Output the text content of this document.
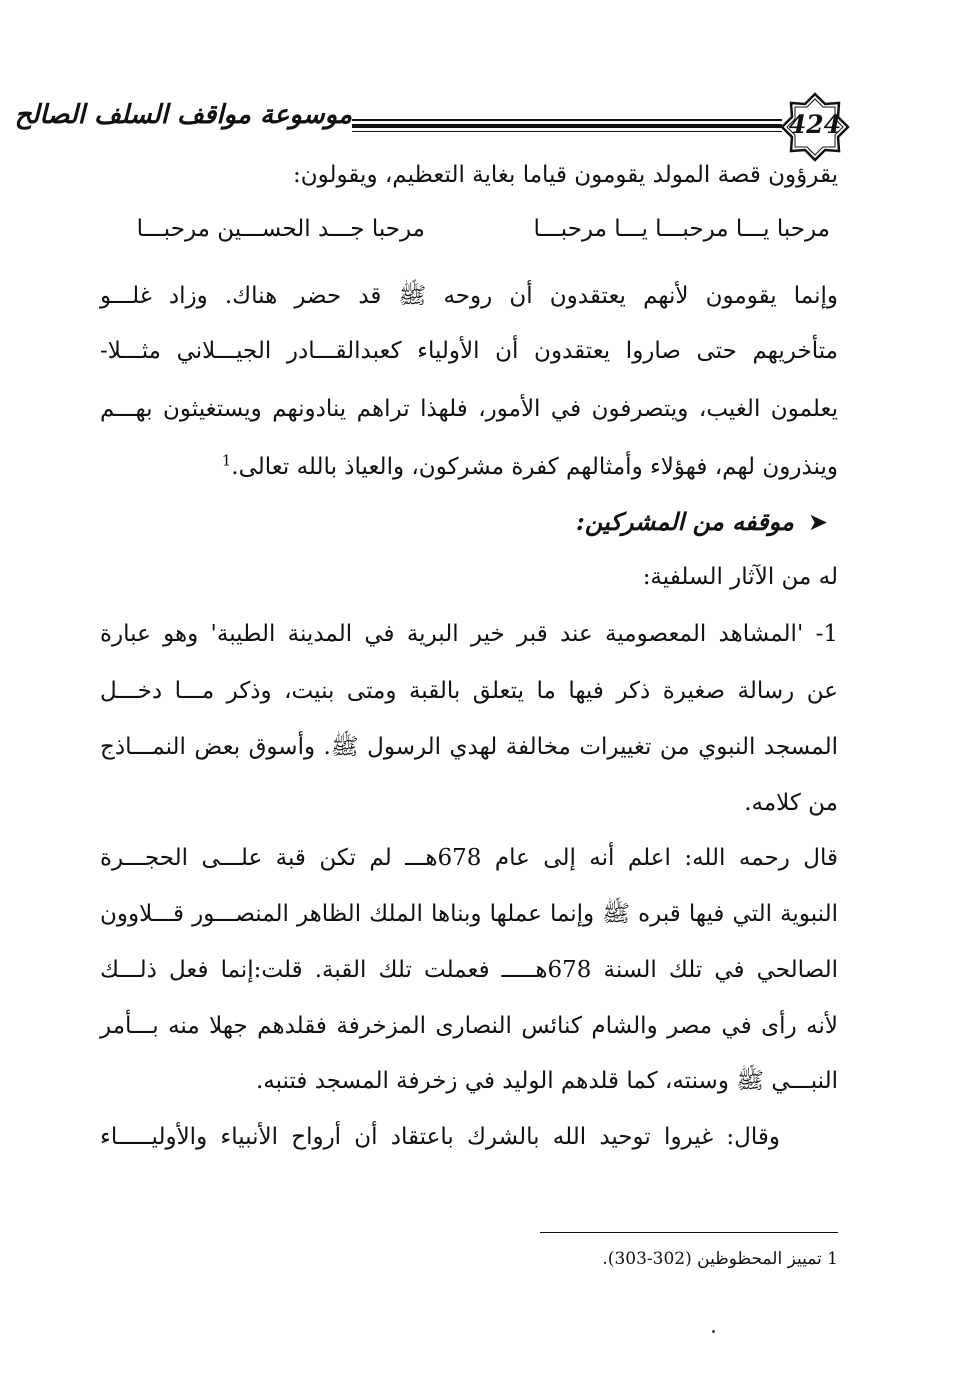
موسوعة مواقف السلف الصالح	424
يقرؤون قصة المولد يقومون قياما بغاية التعظيم، ويقولون:
مرحبا يـــا مرحبـــا يـــا مرحبـــا
مرحبا جـــد الحســـين مرحبـــا
وإنما يقومون لأنهم يعتقدون أن روحه ﷺ قد حضر هناك. وزاد غلـــو
متأخريهم حتى صاروا يعتقدون أن الأولياء كعبدالقـــادر الجيـــلاني مثـــلا-
يعلمون الغيب، ويتصرفون في الأمور، فلهذا تراهم ينادونهم ويستغيثون بهـــم
وينذرون لهم، فهؤلاء وأمثالهم كفرة مشركون، والعياذ بالله تعالى.$^1$
➤موقفه من المشركين:
له من الآثار السلفية:
1- 'المشاهد المعصومية عند قبر خير البرية في المدينة الطيبة' وهو عبارة
عن رسالة صغيرة ذكر فيها ما يتعلق بالقبة ومتى بنيت، وذكر مـــا دخـــل
المسجد النبوي من تغييرات مخالفة لهدي الرسول ﷺ. وأسوق بعض النمـــاذج
من كلامه.
قال رحمه الله: اعلم أنه إلى عام 678هـــ لم تكن قبة علـــى الحجـــرة
النبوية التي فيها قبره ﷺ وإنما عملها وبناها الملك الظاهر المنصـــور قـــلاوون
الصالحي في تلك السنة 678هـــــ فعملت تلك القبة. قلت:إنما فعل ذلـــك
لأنه رأى في مصر والشام كنائس النصارى المزخرفة فقلدهم جهلا منه بـــأمر
النبـــي ﷺ وسنته، كما قلدهم الوليد في زخرفة المسجد فتنبه.
وقال: غيروا توحيد الله بالشرك باعتقاد أن أرواح الأنبياء والأوليـــــاء
1 تمييز المحظوظين (302-303).
